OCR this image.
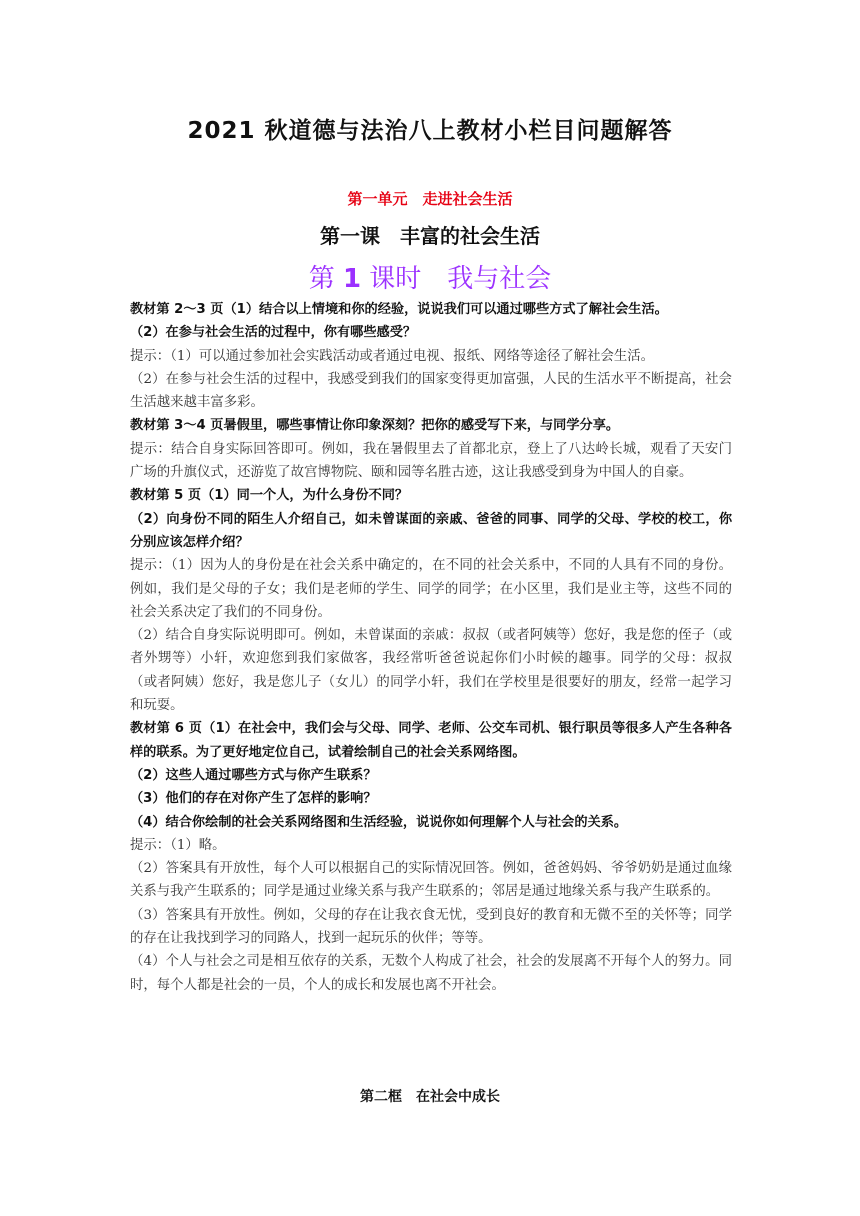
2021 秋道德与法治八上教材小栏目问题解答
第一单元　走进社会生活
第一课　丰富的社会生活
第 1 课时　我与社会

教材第 2～3 页（1）结合以上情境和你的经验，说说我们可以通过哪些方式了解社会生活。

（2）在参与社会生活的过程中，你有哪些感受？

提示：（1）可以通过参加社会实践活动或者通过电视、报纸、网络等途径了解社会生活。

（2）在参与社会生活的过程中，我感受到我们的国家变得更加富强，人民的生活水平不断提高，社会生活越来越丰富多彩。

教材第 3～4 页暑假里，哪些事情让你印象深刻？把你的感受写下来，与同学分享。

提示：结合自身实际回答即可。例如，我在暑假里去了首都北京，登上了八达岭长城，观看了天安门广场的升旗仪式，还游览了故宫博物院、颐和园等名胜古迹，这让我感受到身为中国人的自豪。

教材第 5 页（1）同一个人，为什么身份不同？

（2）向身份不同的陌生人介绍自己，如未曾谋面的亲戚、爸爸的同事、同学的父母、学校的校工，你分别应该怎样介绍？

提示：（1）因为人的身份是在社会关系中确定的，在不同的社会关系中，不同的人具有不同的身份。例如，我们是父母的子女；我们是老师的学生、同学的同学；在小区里，我们是业主等，这些不同的社会关系决定了我们的不同身份。

（2）结合自身实际说明即可。例如，未曾谋面的亲戚：叔叔（或者阿姨等）您好，我是您的侄子（或者外甥等）小轩，欢迎您到我们家做客，我经常听爸爸说起你们小时候的趣事。同学的父母：叔叔（或者阿姨）您好，我是您儿子（女儿）的同学小轩，我们在学校里是很要好的朋友，经常一起学习和玩耍。

教材第 6 页（1）在社会中，我们会与父母、同学、老师、公交车司机、银行职员等很多人产生各种各样的联系。为了更好地定位自己，试着绘制自己的社会关系网络图。

（2）这些人通过哪些方式与你产生联系？

（3）他们的存在对你产生了怎样的影响？

（4）结合你绘制的社会关系网络图和生活经验，说说你如何理解个人与社会的关系。

提示：（1）略。

（2）答案具有开放性，每个人可以根据自己的实际情况回答。例如，爸爸妈妈、爷爷奶奶是通过血缘关系与我产生联系的；同学是通过业缘关系与我产生联系的；邻居是通过地缘关系与我产生联系的。

（3）答案具有开放性。例如，父母的存在让我衣食无忧，受到良好的教育和无微不至的关怀等；同学的存在让我找到学习的同路人，找到一起玩乐的伙伴；等等。

（4）个人与社会之司是相互依存的关系，无数个人构成了社会，社会的发展离不开每个人的努力。同时，每个人都是社会的一员，个人的成长和发展也离不开社会。

第二框　在社会中成长
